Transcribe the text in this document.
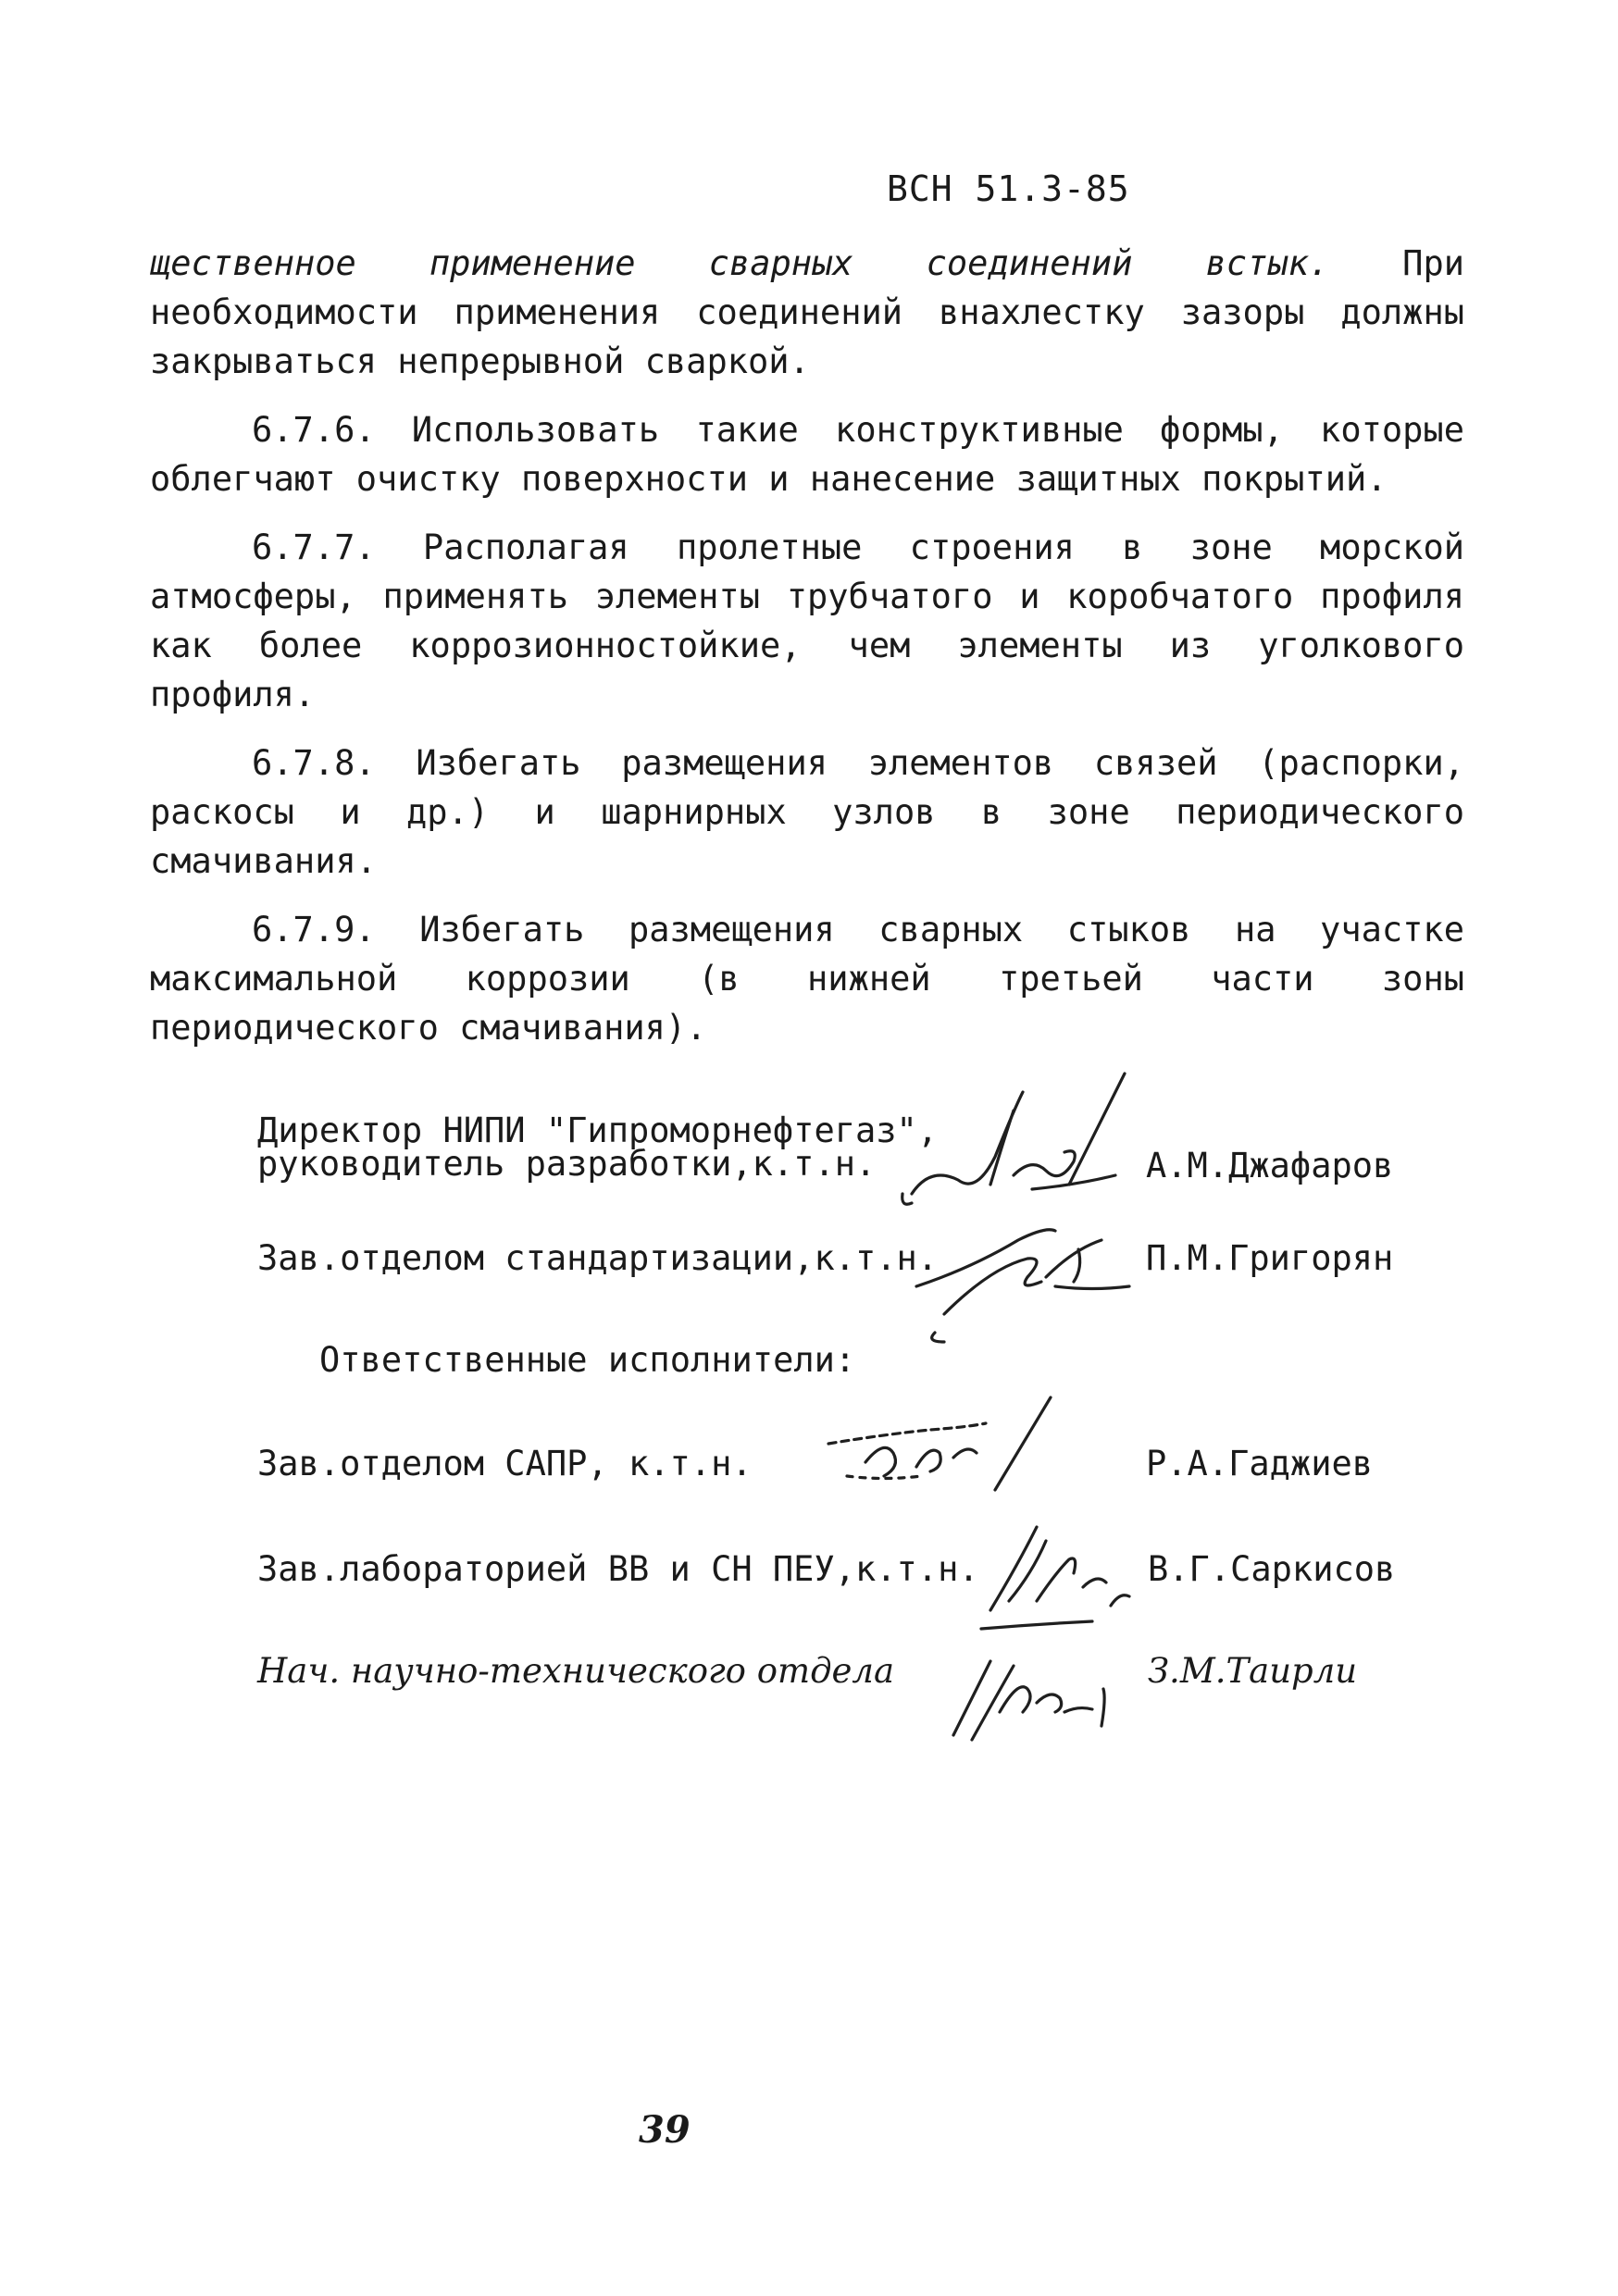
ВСН 51.3-85

щественное применение сварных соединений встык. При необходимости применения соединений внахлестку зазоры должны закрываться непрерывной сваркой.

6.7.6. Использовать такие конструктивные формы, которые облегчают очистку поверхности и нанесение защитных покрытий.

6.7.7. Располагая пролетные строения в зоне морской атмосферы, применять элементы трубчатого и коробчатого профиля как более коррозионностойкие, чем элементы из уголкового профиля.

6.7.8. Избегать размещения элементов связей (распорки, раскосы и др.) и шарнирных узлов в зоне периодического смачивания.

6.7.9. Избегать размещения сварных стыков на участке максимальной коррозии (в нижней третьей части зоны периодического смачивания).

Директор НИПИ "Гипроморнефтегаз",
руководитель разработки,к.т.н.	А.М.Джафаров
Зав.отделом стандартизации,к.т.н.	П.М.Григорян
Ответственные исполнители:
Зав.отделом САПР, к.т.н.	Р.А.Гаджиев
Зав.лабораторией ВВ и СН ПЕУ,к.т.н.	В.Г.Саркисов
Нач. научно-технического отдела	З.М.Таирли
39
